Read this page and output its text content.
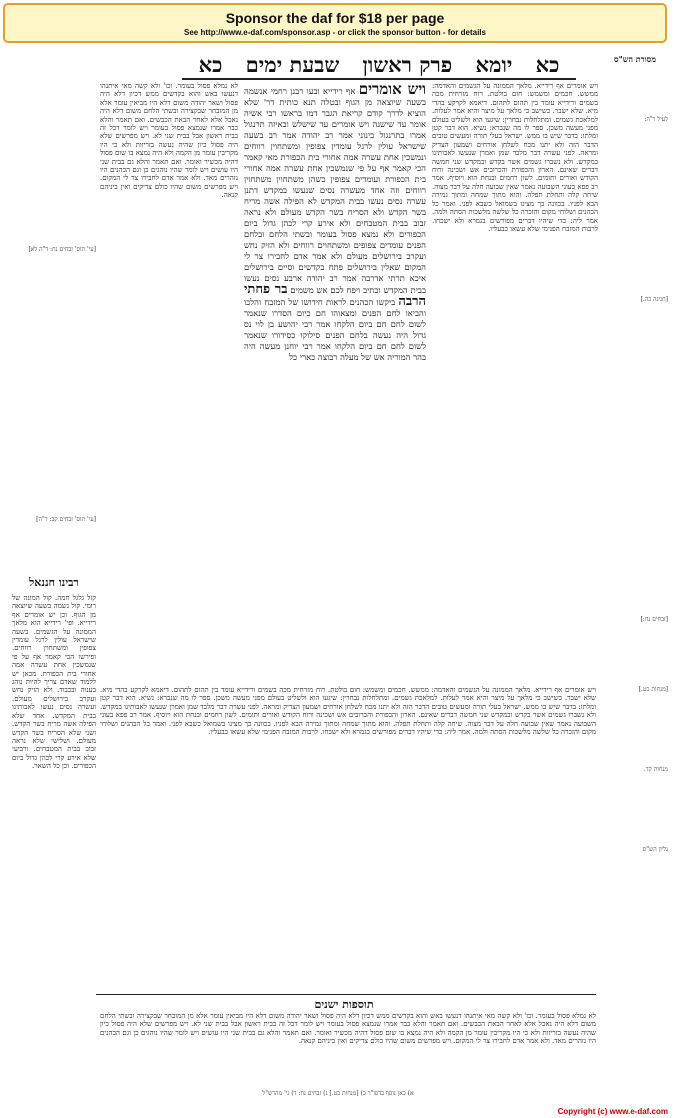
Sponsor the daf for $18 per page
See http://www.e-daf.com/sponsor.asp - or click the sponsor button - for details
כא יומא פרק ראשון שבעת ימים כא	מסורת הש"ס
לעיל ר"ה:
[חגיגה כה.]
[זבחים נח:]
[מנחות כט.]
מנחות קד.
ויש אומרים אף רידייא. מלאך הממונה על הגשמים והאדמה: ממשש. חכמים ומשמש: חום בולטת. רוח מזרחית מכה בשמים ורידייא עומד בין תהום לתהום. דיאמא לקרקע בהדי מיא. שלא ישבר. כשישב כי מלאך על מיצר והיא אמר לעלות. למלאכת גשמים. ומתלחלות נבחרין: שיגעו הוא ולשליט בעולם מפני מעשה משכן. ספר לו מה שנברא: נשיא. הוא דבר קטן ומלתו: בדבר שיש בו ממש. ישראל בעלי תורה ומעשים טובים הדבר הזה ולא יתנו מכח לשלחן אורחים ושמעון הצדיק ומראה. לפני עשרה דבר מלבד שמן ואמרן שנעשו לאבותינו במקדש. ולא נשברו גשמים אשר בקדש ובמקדש שני חמשה דברים שאינם. הארון והכפורת והכרובים אש ושכינה ורוח הקודש ואורים ותומים. לשון רחמים ובנחת הוא ויוסיף. אמר רב פפא בעוני השבועה נאמר שאין שבועה חלה על דבר מצוה. שיחה קלה ותחלת תפלה. והוא מתוך שמחה ומתוך גמירה הבא לפניו. בכוונה כך מצינו בשמואל כשבא לפני. ואמר כל הכהנים ושלוחי מקום והזכרה כל שלשה מלשכות הסתה ולמה. אמר ליה: כדי שיהיו דברים מפורשים בגמרא ולא ישכחו. לרבות המזבח הפנימי שלא עשאו כבעליו.
ויש אומרים אף רידייא ובעו רבנן רחמי אנשמה בשעה שיוצאה מן הגוף ובטלה תנא כותית דר' שלא הוציא לדרך קודם קריאת הגבר דמו בראשו רבי אשיה אומר עד שישנה ויש אומרים עד שישלש ובאיזה תרנגול אמרו בתרנגול בינוני אמר רב יהודה אמר רב בשעה שישראל עולין לרגל עומדין צפופין ומשתחוין רווחים ונמשכין אחת עשרה אמה אחורי בית הכפורת מאי קאמר הכי קאמר אף על פי שנמשכין אחת עשרה אמה אחורי בית הכפורת ועומדים צפופין כשהן משתחוין משתחוין רווחים וזה אחד מעשרה נסים שנעשו במקדש דתנן עשרה נסים נעשו בבית המקדש לא הפילה אשה מריח בשר הקדש ולא הסריח בשר הקדש מעולם ולא נראה זבוב בבית המטבחים ולא אירע קרי לכהן גדול ביום הכפורים ולא נמצא פסול בעומר ובשתי הלחם ובלחם הפנים עומדים צפופים ומשתחוים רווחים ולא הזיק נחש ועקרב בירושלים מעולם ולא אמר אדם לחבירו צר לי המקום שאלין בירושלים פתח בקדשים וסיים בירושלים איכא תרתי אדרבה אמר רב יהודה ארבע נסים נעשו בבית המקדש וכתיב ויפח לכם אש משמים בר פחתי הרבה ביקשו הכהנים לראות חידושו של המזבח והלכו והביאו לחם הפנים ומצאוהו חם כיום הסדרו שנאמר לשום לחם חם ביום הלקחו אמר רבי יהושע בן לוי נס גדול היה נעשה בלחם הפנים סילוקו כסידורו שנאמר לשום לחם חם ביום הלקחו אמר רבי יוחנן מעשה היה בהר המוריה אש של מעלה רבוצה כארי כל
לא נמלא פסול בעומר. וכו' ולא קשה מאי איתנהו דנעשו באש והוא בקדשים ממש דכיון דלא היה פסול ושאר יהודה משום דלא היו מביאין עומר אלא מן המובחר שבקצירה ובשתי הלחם משום דלא היה נאכל אלא לאחר הבאת הכבשים. ואם תאמר והלא כבר אמרו שנמצא פסול בעומר ויש לומר דכל זה בבית ראשון אבל בבית שני לא. ויש מפרשים שלא היה פסול כיון שהיה נעשה בזריזות ולא כי היו מקריבין עומר מן הקמה ולא היה נמצא בו שום פסול דהיה מכשיר ואומר. ואם תאמר והלא גם בבית שני היו עושים ויש לומר שהיו נוהגים כן וגם הכהנים היו נזהרים מאד. ולא אמר אדם לחבירו צר לי המקום. ויש מפרשים משום שהיו כולם צדיקים ואין ביניהם קנאה.
ויש אומרים אף רידייא. מלאך הממונה על הגשמים והאדמה: ממשש. חכמים ומשמש: חום בולטת. רוח מזרחית מכה בשמים ורידייא עומד בין תהום לתהום. דיאמא לקרקע בהדי מיא. שלא ישבר. כשישב כי מלאך על מיצר והיא אמר לעלות. למלאכת גשמים. ומתלחלות נבחרין: שיגעו הוא ולשליט בעולם מפני מעשה משכן. ספר לו מה שנברא: נשיא. הוא דבר קטן ומלתו: בדבר שיש בו ממש. ישראל בעלי תורה ומעשים טובים הדבר הזה ולא יתנו מכח לשלחן אורחים ושמעון הצדיק ומראה. לפני עשרה דבר מלבד שמן ואמרן שנעשו לאבותינו במקדש. ולא נשברו גשמים אשר בקדש ובמקדש שני חמשה דברים שאינם. הארון והכפורת והכרובים אש ושכינה ורוח הקודש ואורים ותומים. לשון רחמים ובנחת הוא ויוסיף. אמר רב פפא בעוני השבועה נאמר שאין שבועה חלה על דבר מצוה. שיחה קלה ותחלת תפלה. והוא מתוך שמחה ומתוך גמירה הבא לפניו. בכוונה כך מצינו בשמואל כשבא לפני. ואמר כל הכהנים ושלוחי מקום והזכרה כל שלשה מלשכות הסתה ולמה. אמר ליה: כדי שיהיו דברים מפורשים בגמרא ולא ישכחו. לרבות המזבח הפנימי שלא עשאו כבעליו.
רבינו חננאל
קול גלגל חמה. קול המונה של רומי. קול נשמה בשעה שיוצאה מן הגוף. וכן יש אומרים אף רידייא. ופי' רידייא הוא מלאך הממונה על הגשמים. בשעה שישראל עולין לרגל עומדין צפופין ומשתחוין רווחים. ופירשו הכי קאמר אף על פי שנמשכין אחת עשרה אמה אחורי בית הכפורת. מכאן יש ללמוד שאדם צריך להיות נוהג בענוה ובכבוד. ולא הזיק נחש ועקרב בירושלים מעולם. ועשרה נסים נעשו לאבותינו בבית המקדש. אחד שלא הפילה אשה מריח בשר הקדש. ושני שלא הסריח בשר הקדש מעולם. ושלישי שלא נראה זבוב בבית המטבחים. ורביעי שלא אירע קרי לכהן גדול ביום הכפורים. וכן כל השאר.
[עי' תוס' זבחים נח: ד"ה לא]
[עי' תוס' זבחים קב: ד"ה]
גליון הש"ס
תוספות ישנים
לא נמלא פסול בעומר. וכו' ולא קשה מאי איתנהו דנעשו באש והוא בקדשים ממש דכיון דלא היה פסול ושאר יהודה משום דלא היו מביאין עומר אלא מן המובחר שבקצירה ובשתי הלחם משום דלא היה נאכל אלא לאחר הבאת הכבשים. ואם תאמר והלא כבר אמרו שנמצא פסול בעומר ויש לומר דכל זה בבית ראשון אבל בבית שני לא. ויש מפרשים שלא היה פסול כיון שהיה נעשה בזריזות ולא כי היו מקריבין עומר מן הקמה ולא היה נמצא בו שום פסול דהיה מכשיר ואומר. ואם תאמר והלא גם בבית שני היו עושים ויש לומר שהיו נוהגים כן וגם הכהנים היו נזהרים מאד. ולא אמר אדם לחבירו צר לי המקום. ויש מפרשים משום שהיו כולם צדיקים ואין ביניהם קנאה.
א) כאן נוסף בדפו"ר ב) [מנחות כט.] ג) זבחים נח: ד) גי' מהרש"ל
Copyright (c) www.e-daf.com
